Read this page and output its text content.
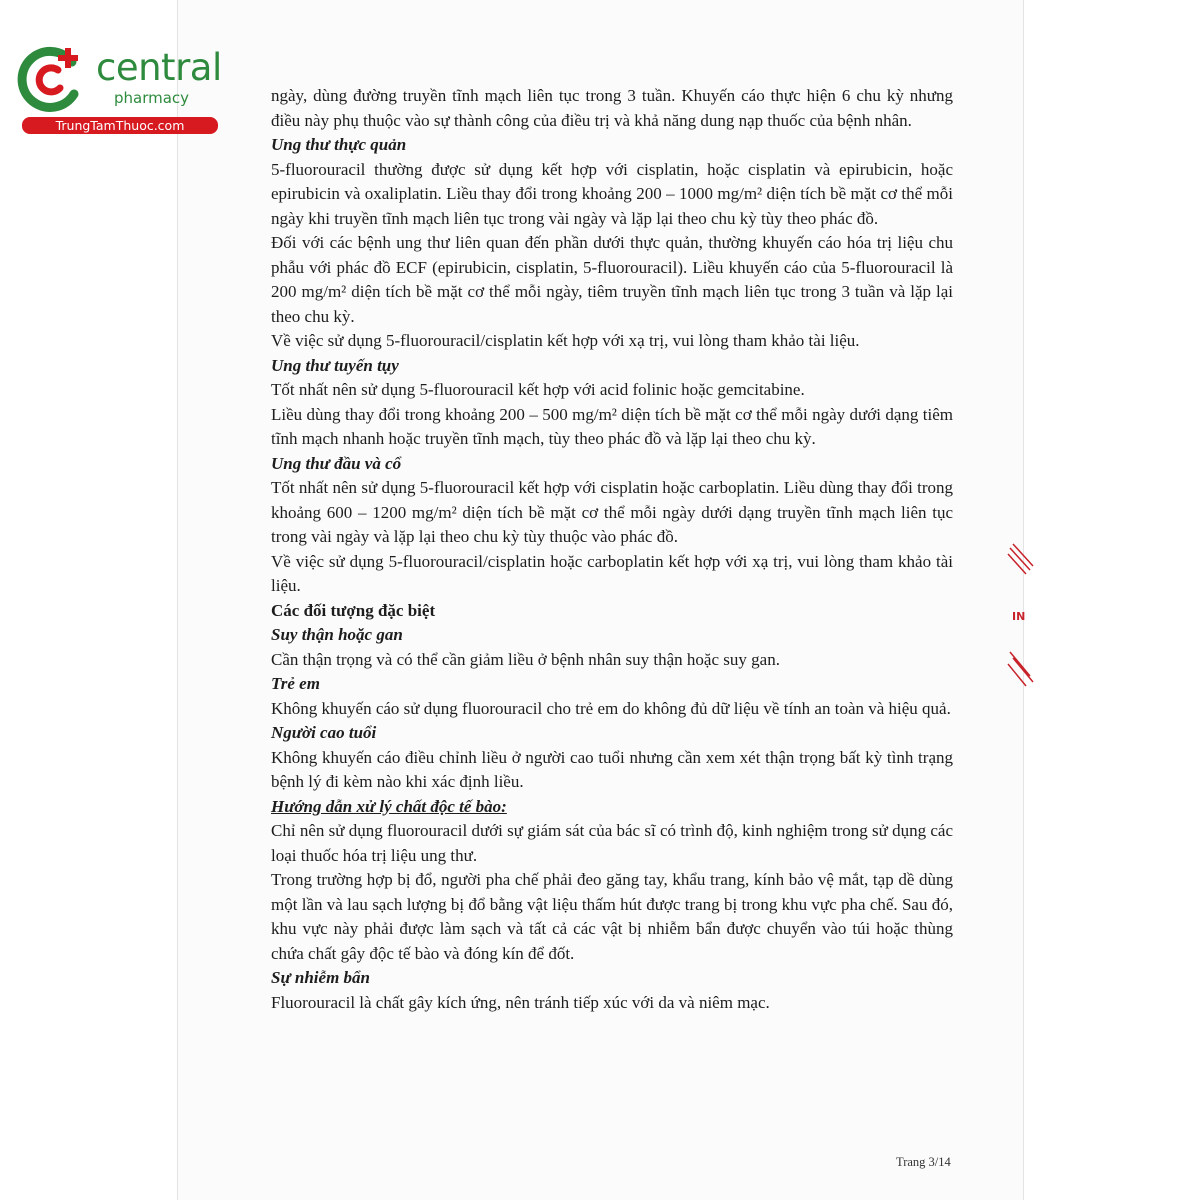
central

pharmacy

TrungTamThuoc.com

ngày, dùng đường truyền tĩnh mạch liên tục trong 3 tuần. Khuyến cáo thực hiện 6 chu kỳ nhưng điều này phụ thuộc vào sự thành công của điều trị và khả năng dung nạp thuốc của bệnh nhân.

Ung thư thực quản

5-fluorouracil thường được sử dụng kết hợp với cisplatin, hoặc cisplatin và epirubicin, hoặc epirubicin và oxaliplatin. Liều thay đổi trong khoảng 200 – 1000 mg/m² diện tích bề mặt cơ thể mỗi ngày khi truyền tĩnh mạch liên tục trong vài ngày và lặp lại theo chu kỳ tùy theo phác đồ.

Đối với các bệnh ung thư liên quan đến phần dưới thực quản, thường khuyến cáo hóa trị liệu chu phẫu với phác đồ ECF (epirubicin, cisplatin, 5-fluorouracil). Liều khuyến cáo của 5-fluorouracil là 200 mg/m² diện tích bề mặt cơ thể mỗi ngày, tiêm truyền tĩnh mạch liên tục trong 3 tuần và lặp lại theo chu kỳ.

Về việc sử dụng 5-fluorouracil/cisplatin kết hợp với xạ trị, vui lòng tham khảo tài liệu.

Ung thư tuyến tụy

Tốt nhất nên sử dụng 5-fluorouracil kết hợp với acid folinic hoặc gemcitabine.

Liều dùng thay đổi trong khoảng 200 – 500 mg/m² diện tích bề mặt cơ thể mỗi ngày dưới dạng tiêm tĩnh mạch nhanh hoặc truyền tĩnh mạch, tùy theo phác đồ và lặp lại theo chu kỳ.

Ung thư đầu và cổ

Tốt nhất nên sử dụng 5-fluorouracil kết hợp với cisplatin hoặc carboplatin. Liều dùng thay đổi trong khoảng 600 – 1200 mg/m² diện tích bề mặt cơ thể mỗi ngày dưới dạng truyền tĩnh mạch liên tục trong vài ngày và lặp lại theo chu kỳ tùy thuộc vào phác đồ.

Về việc sử dụng 5-fluorouracil/cisplatin hoặc carboplatin kết hợp với xạ trị, vui lòng tham khảo tài liệu.

Các đối tượng đặc biệt

Suy thận hoặc gan

Cần thận trọng và có thể cần giảm liều ở bệnh nhân suy thận hoặc suy gan.

Trẻ em

Không khuyến cáo sử dụng fluorouracil cho trẻ em do không đủ dữ liệu về tính an toàn và hiệu quả.

Người cao tuổi

Không khuyến cáo điều chỉnh liều ở người cao tuổi nhưng cần xem xét thận trọng bất kỳ tình trạng bệnh lý đi kèm nào khi xác định liều.

Hướng dẫn xử lý chất độc tế bào:

Chỉ nên sử dụng fluorouracil dưới sự giám sát của bác sĩ có trình độ, kinh nghiệm trong sử dụng các loại thuốc hóa trị liệu ung thư.

Trong trường hợp bị đổ, người pha chế phải đeo găng tay, khẩu trang, kính bảo vệ mắt, tạp dề dùng một lần và lau sạch lượng bị đổ bằng vật liệu thấm hút được trang bị trong khu vực pha chế. Sau đó, khu vực này phải được làm sạch và tất cả các vật bị nhiễm bẩn được chuyển vào túi hoặc thùng chứa chất gây độc tế bào và đóng kín để đốt.

Sự nhiễm bẩn

Fluorouracil là chất gây kích ứng, nên tránh tiếp xúc với da và niêm mạc.

Trang 3/14
IN
